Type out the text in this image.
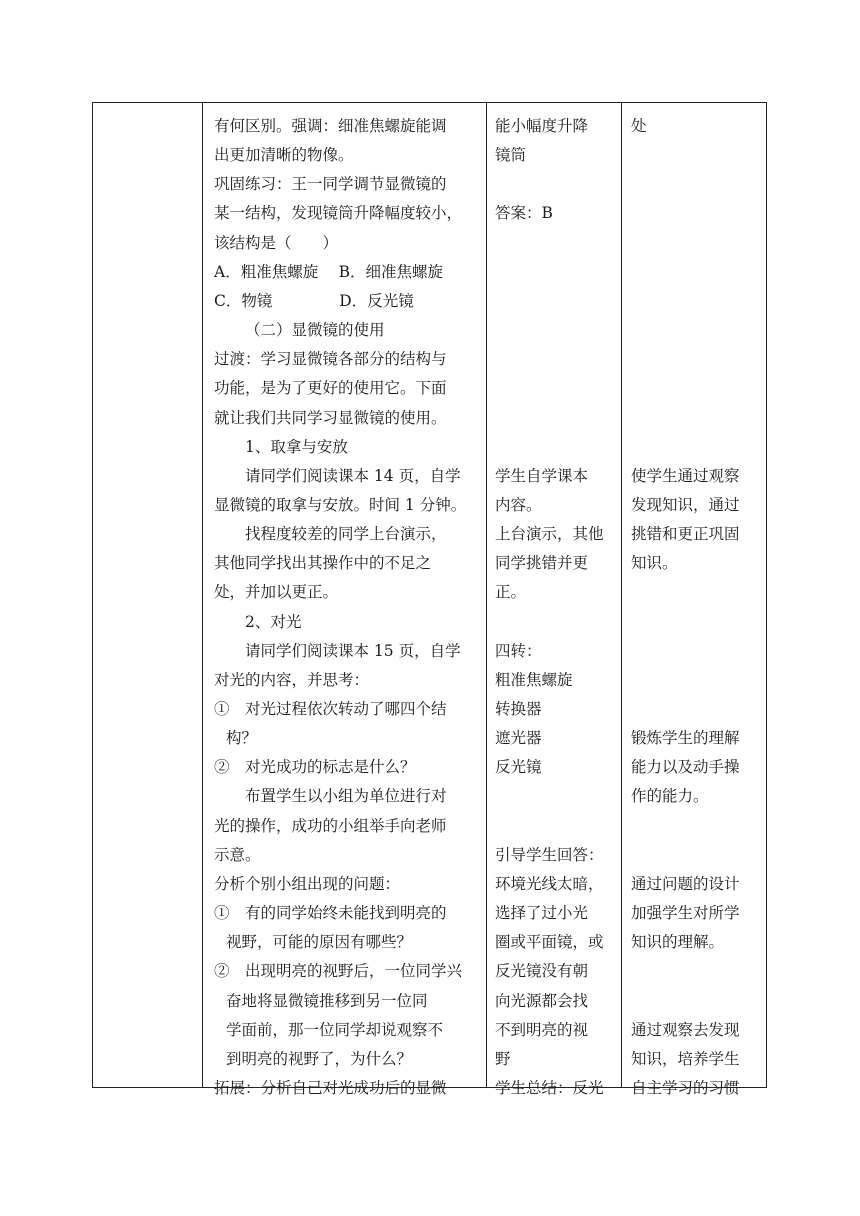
有何区别。强调：细准焦螺旋能调
出更加清晰的物像。
巩固练习：王一同学调节显微镜的
某一结构，发现镜筒升降幅度较小，
该结构是（　　）
A．粗准焦螺旋　 B．细准焦螺旋
C．物镜　　　　 D．反光镜
（二）显微镜的使用
过渡：学习显微镜各部分的结构与
功能，是为了更好的使用它。下面
就让我们共同学习显微镜的使用。
1、取拿与安放
请同学们阅读课本 14 页，自学
显微镜的取拿与安放。时间 1 分钟。
找程度较差的同学上台演示，
其他同学找出其操作中的不足之
处，并加以更正。
2、对光
请同学们阅读课本 15 页，自学
对光的内容，并思考：
①　对光过程依次转动了哪四个结
构？
②　对光成功的标志是什么？
布置学生以小组为单位进行对
光的操作，成功的小组举手向老师
示意。
分析个别小组出现的问题：
①　有的同学始终未能找到明亮的
视野，可能的原因有哪些？
②　出现明亮的视野后，一位同学兴
奋地将显微镜推移到另一位同
学面前，那一位同学却说观察不
到明亮的视野了，为什么？
拓展：分析自己对光成功后的显微
能小幅度升降
镜筒
答案：B
学生自学课本
内容。
上台演示，其他
同学挑错并更
正。
四转：
粗准焦螺旋
转换器
遮光器
反光镜
引导学生回答：
环境光线太暗，
选择了过小光
圈或平面镜，或
反光镜没有朝
向光源都会找
不到明亮的视
野
学生总结：反光
处
使学生通过观察
发现知识，通过
挑错和更正巩固
知识。
锻炼学生的理解
能力以及动手操
作的能力。
通过问题的设计
加强学生对所学
知识的理解。
通过观察去发现
知识，培养学生
自主学习的习惯
